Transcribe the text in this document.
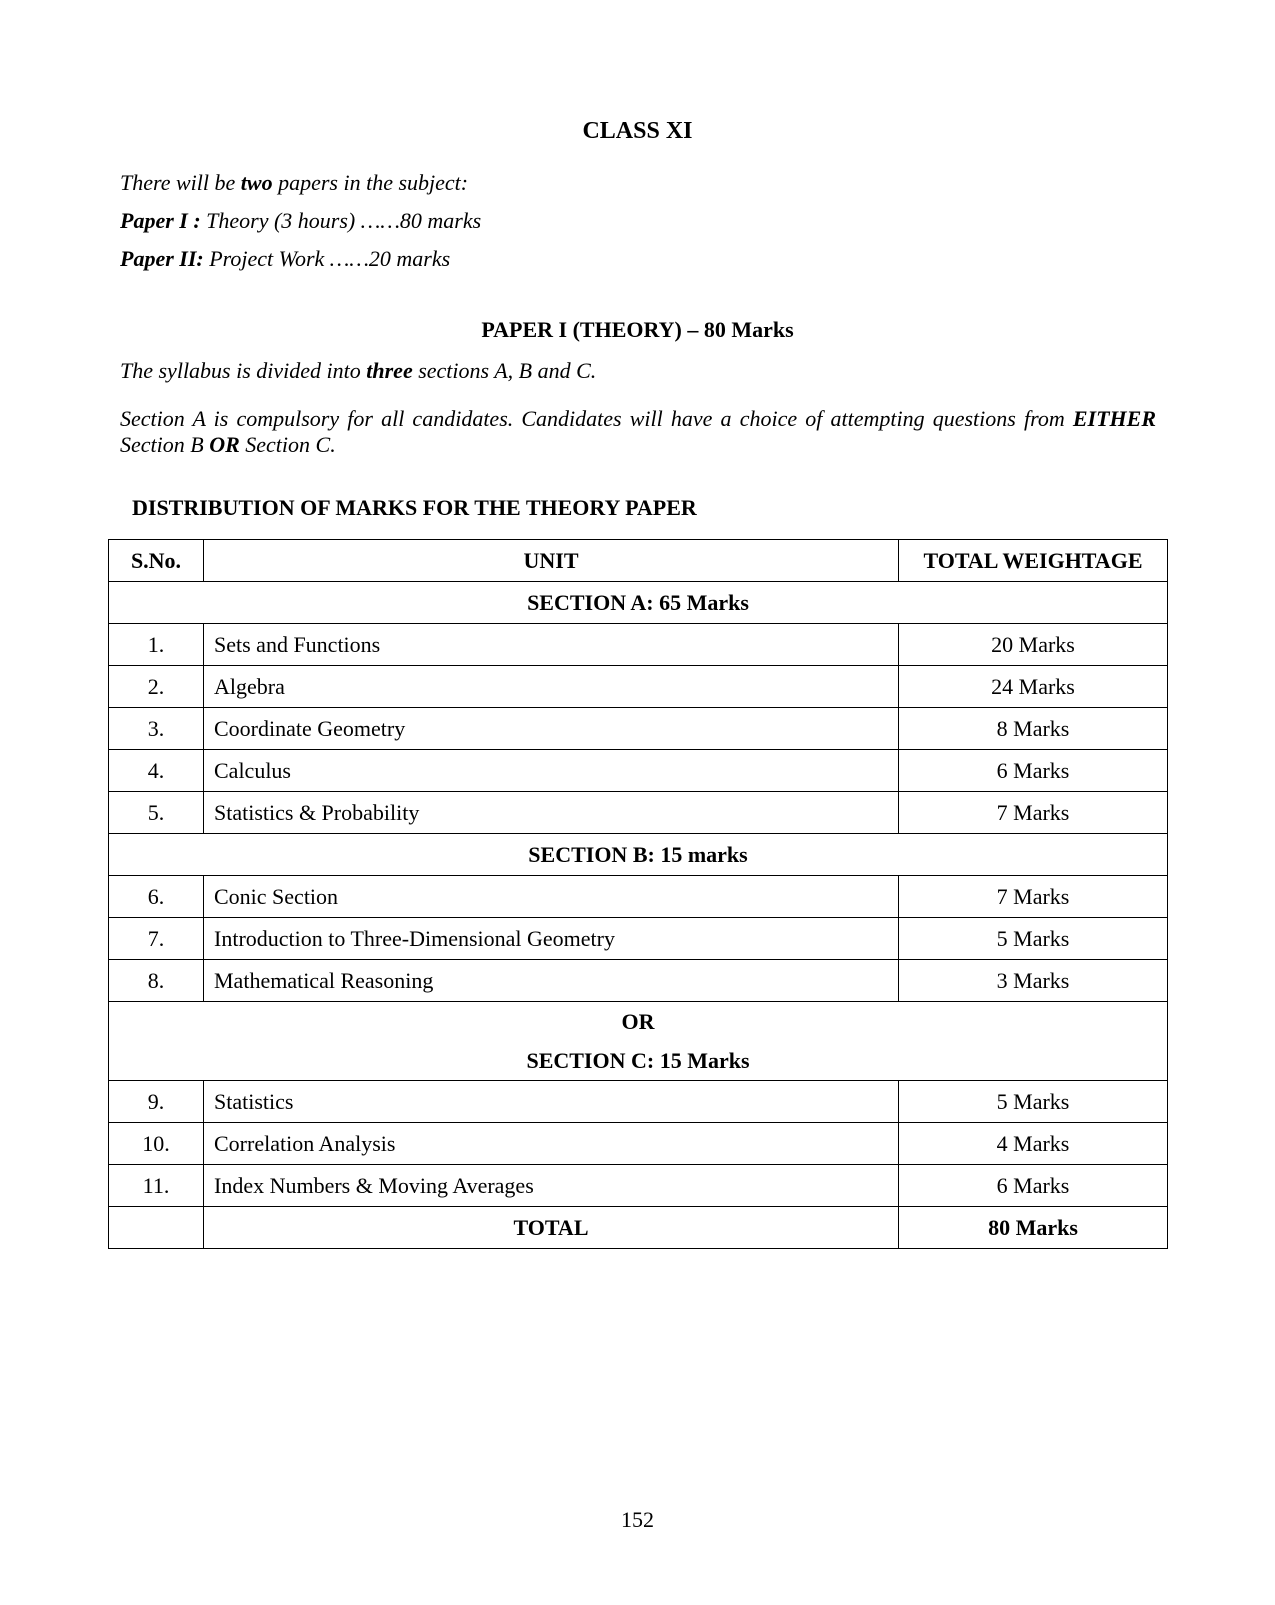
CLASS XI
There will be two papers in the subject:
Paper I : Theory (3 hours) ……80 marks
Paper II: Project Work ……20 marks
PAPER I (THEORY) – 80 Marks
The syllabus is divided into three sections A, B and C.
Section A is compulsory for all candidates. Candidates will have a choice of attempting questions from EITHER Section B OR Section C.
DISTRIBUTION OF MARKS FOR THE THEORY PAPER
S.No.	UNIT	TOTAL WEIGHTAGE
SECTION A: 65 Marks		
1.	Sets and Functions	20 Marks
2.	Algebra	24 Marks
3.	Coordinate Geometry	8 Marks
4.	Calculus	6 Marks
5.	Statistics & Probability	7 Marks
SECTION B: 15 marks		
6.	Conic Section	7 Marks
7.	Introduction to Three-Dimensional Geometry	5 Marks
8.	Mathematical Reasoning	3 Marks

OR
SECTION C: 15 Marks		

9.	Statistics	5 Marks
10.	Correlation Analysis	4 Marks
11.	Index Numbers & Moving Averages	6 Marks
	TOTAL	80 Marks
152
